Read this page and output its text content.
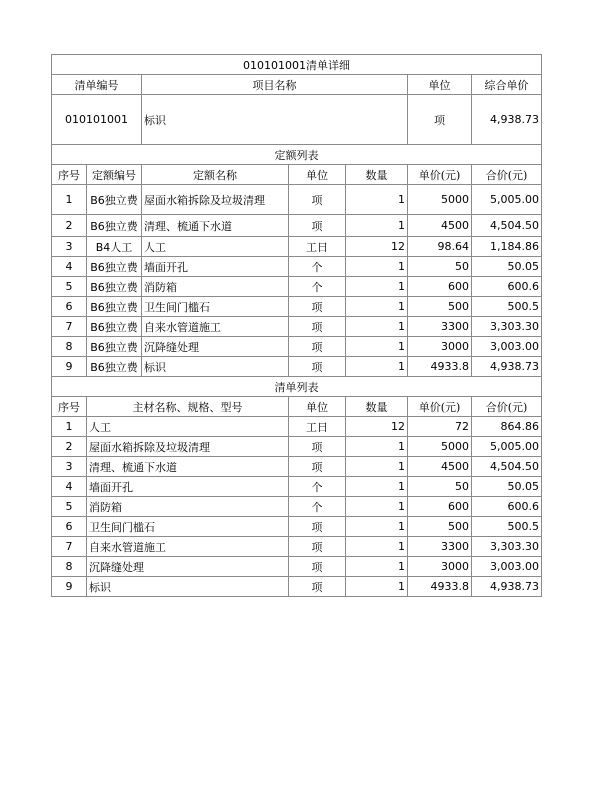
010101001清单详细						
清单编号		项目名称			单位	综合单价
010101001		标识			项	4,938.73
定额列表						
序号	定额编号	定额名称	单位	数量	单价(元)	合价(元)
1	B6独立费	屋面水箱拆除及垃圾清理	项	1	5000	5,005.00
2	B6独立费	清理、梳通下水道	项	1	4500	4,504.50
3	B4人工	人工	工日	12	98.64	1,184.86
4	B6独立费	墙面开孔	个	1	50	50.05
5	B6独立费	消防箱	个	1	600	600.6
6	B6独立费	卫生间门槛石	项	1	500	500.5
7	B6独立费	自来水管道施工	项	1	3300	3,303.30
8	B6独立费	沉降缝处理	项	1	3000	3,003.00
9	B6独立费	标识	项	1	4933.8	4,938.73
清单列表						
序号	主材名称、规格、型号		单位	数量	单价(元)	合价(元)
1	人工		工日	12	72	864.86
2	屋面水箱拆除及垃圾清理		项	1	5000	5,005.00
3	清理、梳通下水道		项	1	4500	4,504.50
4	墙面开孔		个	1	50	50.05
5	消防箱		个	1	600	600.6
6	卫生间门槛石		项	1	500	500.5
7	自来水管道施工		项	1	3300	3,303.30
8	沉降缝处理		项	1	3000	3,003.00
9	标识		项	1	4933.8	4,938.73
